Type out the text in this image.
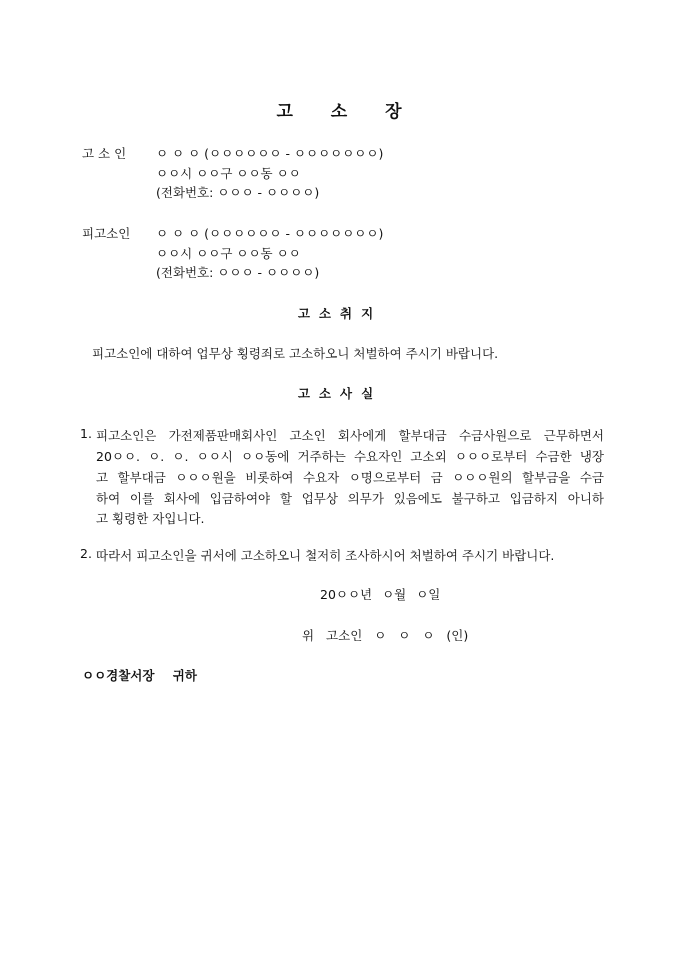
고 소 장
고 소 인	ㅇ ㅇ ㅇ (ㅇㅇㅇㅇㅇㅇ - ㅇㅇㅇㅇㅇㅇㅇ)
ㅇㅇ시 ㅇㅇ구 ㅇㅇ동 ㅇㅇ
(전화번호: ㅇㅇㅇ - ㅇㅇㅇㅇ)
피고소인	ㅇ ㅇ ㅇ (ㅇㅇㅇㅇㅇㅇ - ㅇㅇㅇㅇㅇㅇㅇ)
ㅇㅇ시 ㅇㅇ구 ㅇㅇ동 ㅇㅇ
(전화번호: ㅇㅇㅇ - ㅇㅇㅇㅇ)
고소취지
피고소인에 대하여 업무상 횡령죄로 고소하오니 처벌하여 주시기 바랍니다.
고소사실
1. 피고소인은 가전제품판매회사인 고소인 회사에게 할부대금 수금사원으로 근무하면서
20ㅇㅇ. ㅇ. ㅇ. ㅇㅇ시 ㅇㅇ동에 거주하는 수요자인 고소외 ㅇㅇㅇ로부터 수금한 냉장
고 할부대금 ㅇㅇㅇ원을 비롯하여 수요자 ㅇ명으로부터 금 ㅇㅇㅇ원의 할부금을 수금
하여 이를 회사에 입금하여야 할 업무상 의무가 있음에도 불구하고 입금하지 아니하
고 횡령한 자입니다.
2. 따라서 피고소인을 귀서에 고소하오니 철저히 조사하시어 처벌하여 주시기 바랍니다.
20ㅇㅇ년 ㅇ월 ㅇ일
위 고소인 ㅇ ㅇ ㅇ (인)
ㅇㅇ경찰서장 귀하
